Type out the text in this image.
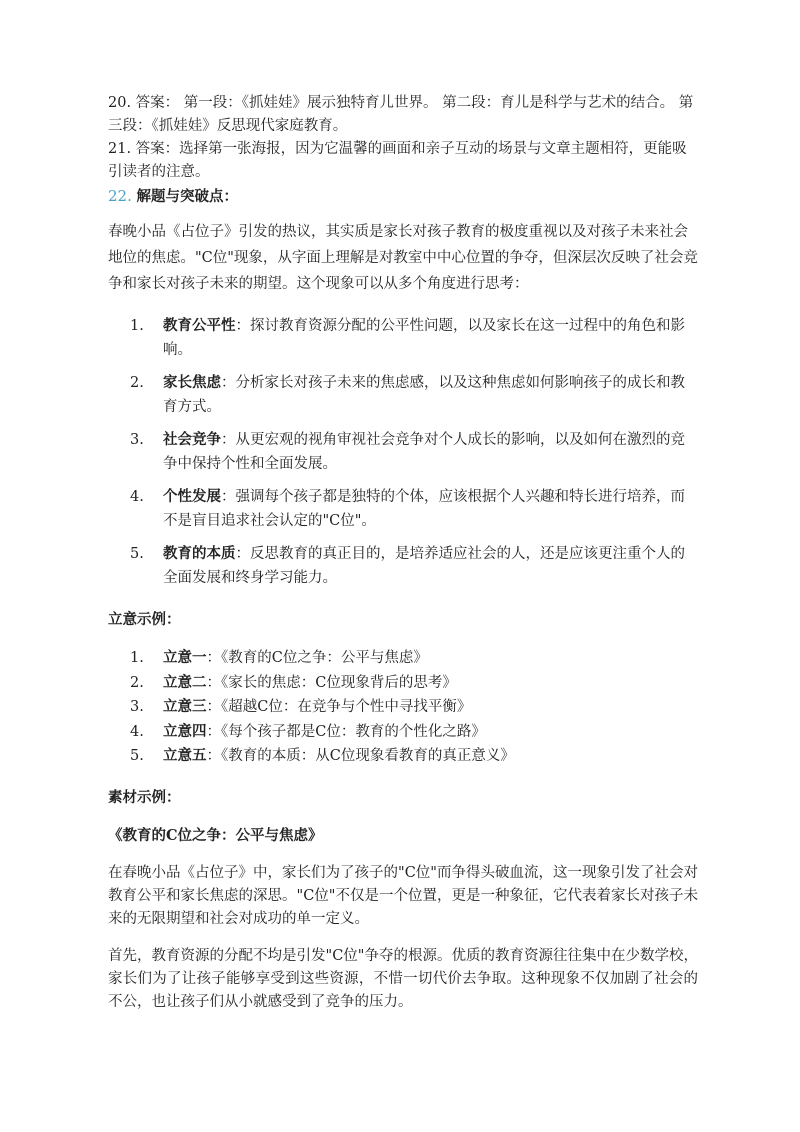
20. 答案： 第一段：《抓娃娃》展示独特育儿世界。 第二段：育儿是科学与艺术的结合。 第三段：《抓娃娃》反思现代家庭教育。

21. 答案：选择第一张海报，因为它温馨的画面和亲子互动的场景与文章主题相符，更能吸引读者的注意。

22. 解题与突破点：

春晚小品《占位子》引发的热议，其实质是家长对孩子教育的极度重视以及对孩子未来社会地位的焦虑。"C位"现象，从字面上理解是对教室中中心位置的争夺，但深层次反映了社会竞争和家长对孩子未来的期望。这个现象可以从多个角度进行思考：

1.	教育公平性：探讨教育资源分配的公平性问题，以及家长在这一过程中的角色和影响。
2.	家长焦虑：分析家长对孩子未来的焦虑感，以及这种焦虑如何影响孩子的成长和教育方式。
3.	社会竞争：从更宏观的视角审视社会竞争对个人成长的影响，以及如何在激烈的竞争中保持个性和全面发展。
4.	个性发展：强调每个孩子都是独特的个体，应该根据个人兴趣和特长进行培养，而不是盲目追求社会认定的"C位"。
5.	教育的本质：反思教育的真正目的，是培养适应社会的人，还是应该更注重个人的全面发展和终身学习能力。

立意示例：

1.	立意一：《教育的C位之争：公平与焦虑》
2.	立意二：《家长的焦虑：C位现象背后的思考》
3.	立意三：《超越C位：在竞争与个性中寻找平衡》
4.	立意四：《每个孩子都是C位：教育的个性化之路》
5.	立意五：《教育的本质：从C位现象看教育的真正意义》

素材示例：

《教育的C位之争：公平与焦虑》

在春晚小品《占位子》中，家长们为了孩子的"C位"而争得头破血流，这一现象引发了社会对教育公平和家长焦虑的深思。"C位"不仅是一个位置，更是一种象征，它代表着家长对孩子未来的无限期望和社会对成功的单一定义。

首先，教育资源的分配不均是引发"C位"争夺的根源。优质的教育资源往往集中在少数学校，家长们为了让孩子能够享受到这些资源，不惜一切代价去争取。这种现象不仅加剧了社会的不公，也让孩子们从小就感受到了竞争的压力。
